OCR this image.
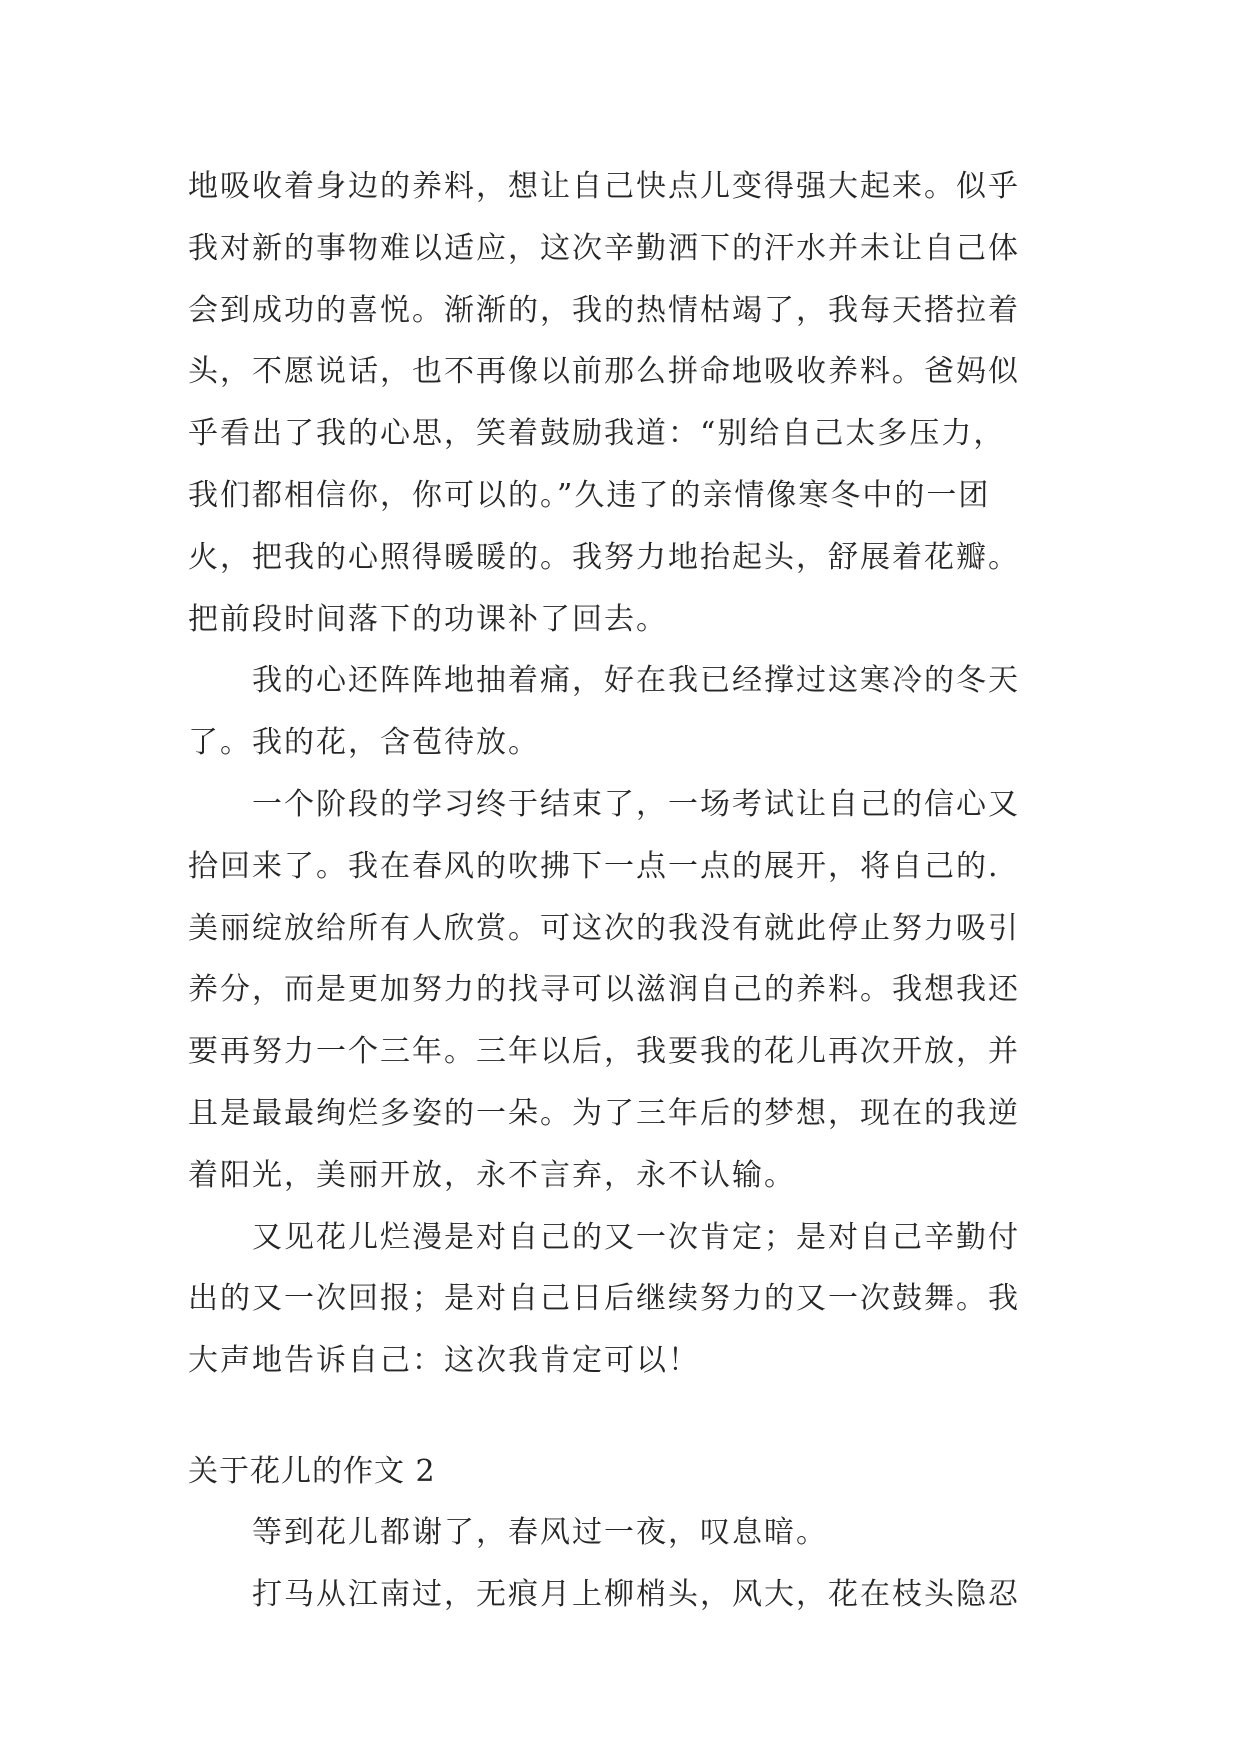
地吸收着身边的养料，想让自己快点儿变得强大起来。似乎
我对新的事物难以适应，这次辛勤洒下的汗水并未让自己体
会到成功的喜悦。渐渐的，我的热情枯竭了，我每天搭拉着
头，不愿说话，也不再像以前那么拼命地吸收养料。爸妈似
乎看出了我的心思，笑着鼓励我道：“别给自己太多压力，
我们都相信你，你可以的。”久违了的亲情像寒冬中的一团
火，把我的心照得暖暖的。我努力地抬起头，舒展着花瓣。
把前段时间落下的功课补了回去。
我的心还阵阵地抽着痛，好在我已经撑过这寒冷的冬天
了。我的花，含苞待放。
一个阶段的学习终于结束了，一场考试让自己的信心又
拾回来了。我在春风的吹拂下一点一点的展开，将自己的.
美丽绽放给所有人欣赏。可这次的我没有就此停止努力吸引
养分，而是更加努力的找寻可以滋润自己的养料。我想我还
要再努力一个三年。三年以后，我要我的花儿再次开放，并
且是最最绚烂多姿的一朵。为了三年后的梦想，现在的我逆
着阳光，美丽开放，永不言弃，永不认输。
又见花儿烂漫是对自己的又一次肯定；是对自己辛勤付
出的又一次回报；是对自己日后继续努力的又一次鼓舞。我
大声地告诉自己：这次我肯定可以！
关于花儿的作文 2
等到花儿都谢了，春风过一夜，叹息暗。
打马从江南过，无痕月上柳梢头，风大，花在枝头隐忍
